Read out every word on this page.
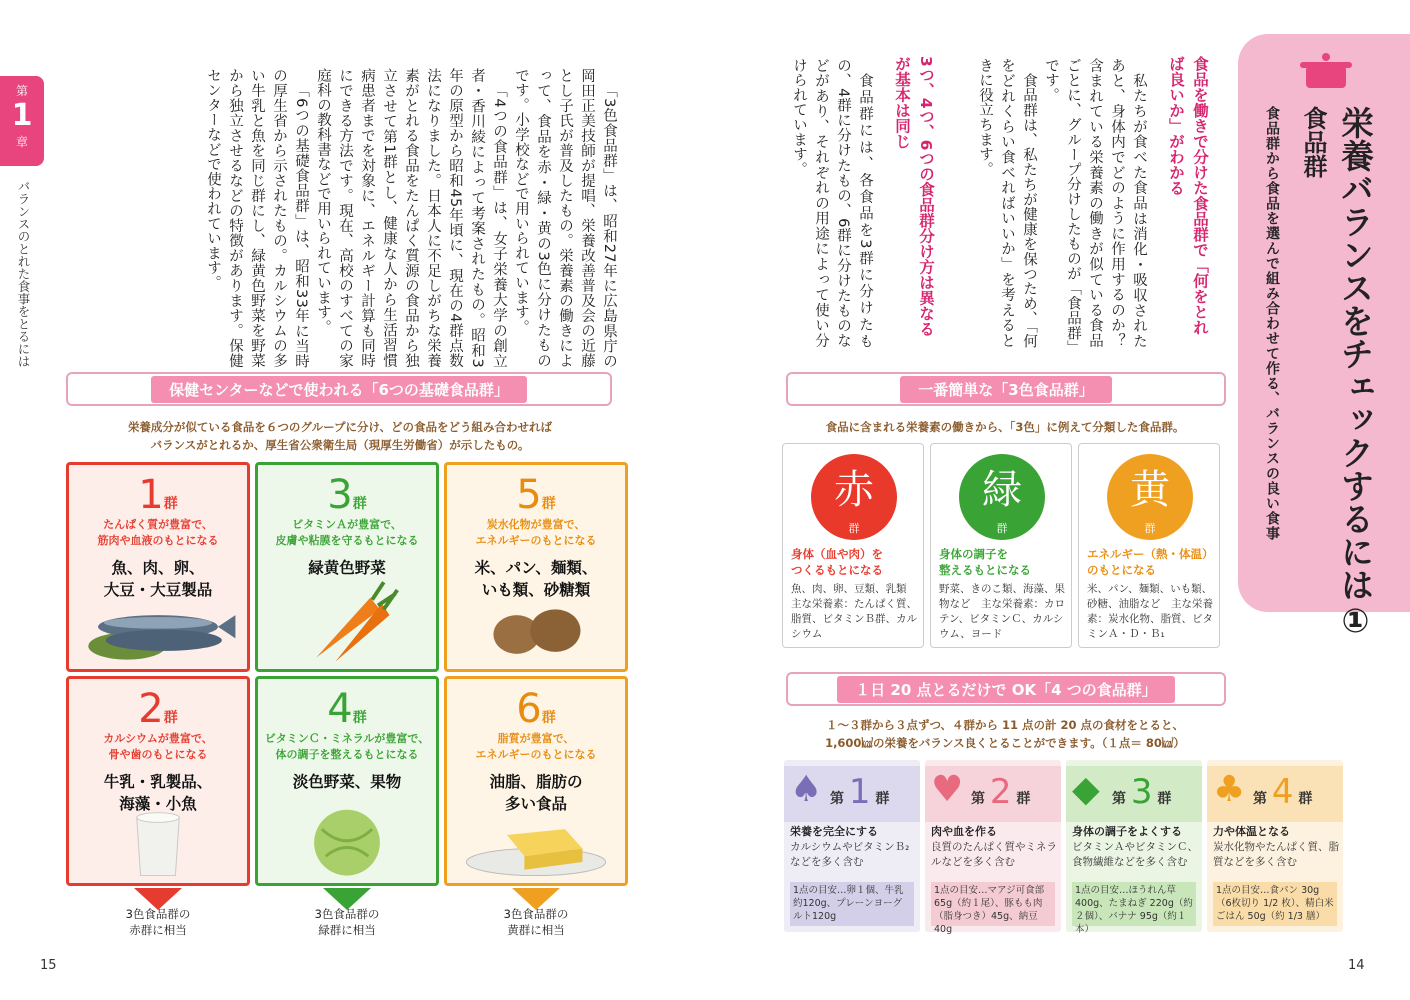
第
1
章
バランスのとれた食事をとるには	「3色食品群」は、昭和27年に広島県庁の岡田正美技師が提唱、栄養改善普及会の近藤とし子氏が普及したもの。栄養素の働きによって、食品を赤・緑・黄の3色に分けたものです。小学校などで用いられています。

「4つの食品群」は、女子栄養大学の創立者・香川綾によって考案されたもの。昭和3年の原型から昭和45年頃に、現在の4群点数法になりました。日本人に不足しがちな栄養素がとれる食品をたんぱく質源の食品から独立させて第1群とし、健康な人から生活習慣病患者までを対象に、エネルギー計算も同時にできる方法です。現在、高校のすべての家庭科の教科書などで用いられています。

「6つの基礎食品群」は、昭和33年に当時の厚生省から示されたもの。カルシウムの多い牛乳と魚を同じ群にし、緑黄色野菜を野菜から独立させるなどの特徴があります。保健センターなどで使われています。

保健センターなどで使われる「6つの基礎食品群」
栄養成分が似ている食品を６つのグループに分け、どの食品をどう組み合わせれば
バランスがとれるか、厚生省公衆衛生局（現厚生労働省）が示したもの。
1群
たんぱく質が豊富で、
筋肉や血液のもとになる
魚、肉、卵、
大豆・大豆製品
3群
ビタミンＡが豊富で、
皮膚や粘膜を守るもとになる
緑黄色野菜
5群
炭水化物が豊富で、
エネルギーのもとになる
米、パン、麺類、
いも類、砂糖類
2群
カルシウムが豊富で、
骨や歯のもとになる
牛乳・乳製品、
海藻・小魚
4群
ビタミンＣ・ミネラルが豊富で、
体の調子を整えるもとになる
淡色野菜、果物
6群
脂質が豊富で、
エネルギーのもとになる
油脂、脂肪の
多い食品
3色食品群の
赤群に相当
3色食品群の
緑群に相当
3色食品群の
黄群に相当
15
栄養バランスをチェックするには①
食品群
食品群から食品を選んで組み合わせて作る、バランスの良い食事
食品を働きで分けた食品群で「何をとれば良いか」がわかる

私たちが食べた食品は消化・吸収されたあと、身体内でどのように作用するのか？　含まれている栄養素の働きが似ている食品ごとに、グループ分けしたものが「食品群」です。

食品群は、私たちが健康を保つため、「何をどれくらい食べればいいか」を考えるときに役立ちます。

3つ、4つ、6つの食品群分け方は異なるが基本は同じ

食品群には、各食品を3群に分けたもの、4群に分けたもの、6群に分けたものなどがあり、それぞれの用途によって使い分けられています。

一番簡単な「3色食品群」
食品に含まれる栄養素の働きから、「3色」に例えて分類した食品群。
赤
群
身体（血や肉）を
つくるもとになる
魚、肉、卵、豆類、乳類　主な栄養素：たんぱく質、脂質、ビタミンＢ群、カルシウム
緑
群
身体の調子を
整えるもとになる
野菜、きのこ類、海藻、果物など　主な栄養素：カロテン、ビタミンＣ、カルシウム、ヨード
黄
群
エネルギー（熱・体温）
のもとになる
米、パン、麺類、いも類、砂糖、油脂など　主な栄養素：炭水化物、脂質、ビタミンＡ・Ｄ・Ｂ₁
１日 20 点とるだけで OK「4 つの食品群」
１～３群から３点ずつ、４群から 11 点の計 20 点の食材をとると、
1,600㎉の栄養をバランス良くとることができます。（１点＝ 80㎉）
♠ 第 1 群
栄養を完全にする
カルシウムやビタミンＢ₂などを多く含む
1点の目安…卵１個、牛乳約120g、プレーンヨーグルト120g
♥ 第 2 群
肉や血を作る
良質のたんぱく質やミネラルなどを多く含む
1点の目安…マアジ可食部65g（約１尾）、豚もも肉（脂身つき）45g、納豆 40g
◆ 第 3 群
身体の調子をよくする
ビタミンＡやビタミンＣ、食物繊維などを多く含む
1点の目安…ほうれん草400g、たまねぎ 220g（約２個）、バナナ 95g（約１本）
♣ 第 4 群
力や体温となる
炭水化物やたんぱく質、脂質などを多く含む
1点の目安…食パン 30g（6枚切り 1/2 枚）、精白米ごはん 50g（約 1/3 膳）
14
